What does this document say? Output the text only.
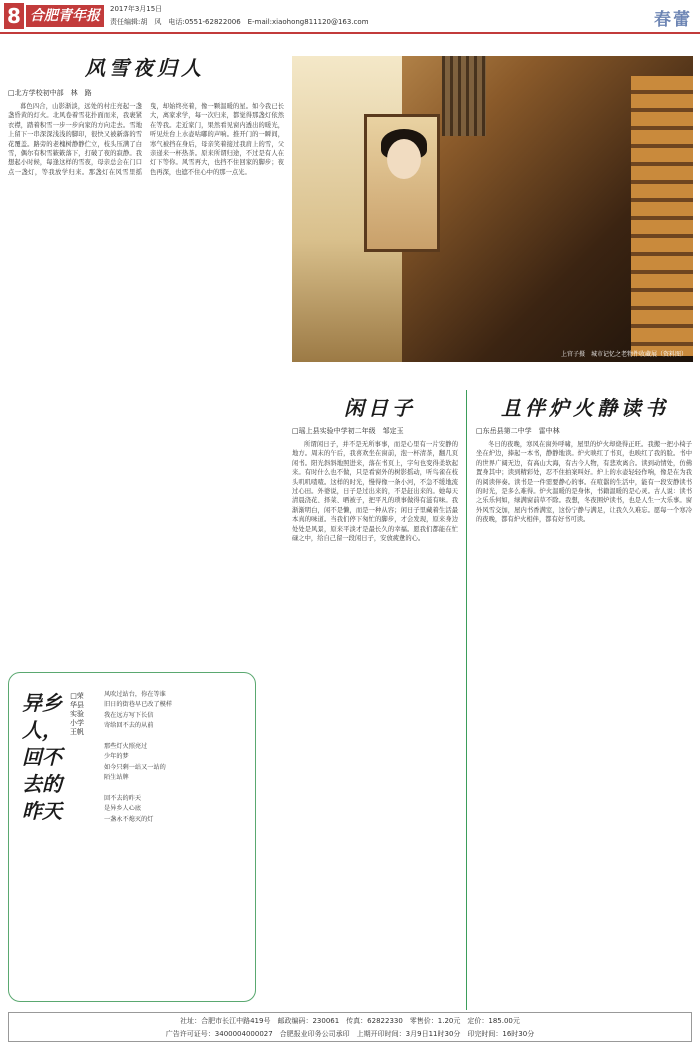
8 合肥青年报	2017年3月15日
责任编辑:胡　风　电话:0551-62822006　E-mail:xiaohong811120@163.com	春蕾
风雪夜归人
□北方学校初中部　林　路
暮色四合，山影渐淡，远处的村庄亮起一盏盏昏黄的灯火。北风卷着雪花扑面而来，我裹紧衣襟，踏着积雪一步一步向家的方向走去。雪地上留下一串深深浅浅的脚印，很快又被新落的雪花覆盖。路旁的老槐树静静伫立，枝头压满了白雪，偶尔有积雪簌簌落下，打破了夜的寂静。我想起小时候，每逢这样的雪夜，母亲总会在门口点一盏灯，等我放学归来。那盏灯在风雪里摇曳，却始终亮着，像一颗温暖的星。如今我已长大，离家求学，每一次归来，都觉得那盏灯依然在等我。走近家门，果然看见窗内透出的暖光，听见灶台上水壶咕嘟的声响。推开门的一瞬间，寒气被挡在身后，母亲笑着接过我肩上的雪，父亲递来一杯热茶。原来所谓归途，不过是有人在灯下等你。风雪再大，也挡不住回家的脚步；夜色再深，也遮不住心中的那一点光。
上官子摄　城市记忆之老物件收藏展（资料图）
闲日子
□瑶上县实验中学初二年级　邹定玉
所谓闲日子，并不是无所事事，而是心里有一片安静的地方。周末的午后，我喜欢坐在窗前，泡一杯清茶，翻几页闲书。阳光斜斜地照进来，落在书页上，字句也变得柔软起来。有时什么也不做，只是看窗外的树影摇动，听鸟雀在枝头叽叽喳喳。这样的时光，慢得像一条小河，不急不缓地流过心田。外婆说，日子是过出来的，不是赶出来的。她每天清晨浇花、择菜、晒被子，把平凡的琐事做得有滋有味。我渐渐明白，闲不是懒，而是一种从容；闲日子里藏着生活最本真的味道。当我们停下匆忙的脚步，才会发现，原来身边处处是风景，原来平淡才是最长久的幸福。愿我们都能在忙碌之中，给自己留一段闲日子，安放疲惫的心。
且伴炉火静读书
□东岳县第二中学　雷中林
冬日的夜晚，寒风在窗外呼啸，屋里的炉火却烧得正旺。我搬一把小椅子坐在炉边，捧起一本书，静静地读。炉火映红了书页，也映红了我的脸。书中的世界广阔无边，有高山大海，有古今人物，有悲欢离合。读到动情处，仿佛置身其中；读到精彩处，忍不住拍案叫好。炉上的水壶轻轻作响，像是在为我的阅读伴奏。读书是一件需要静心的事。在喧嚣的生活中，能有一段安静读书的时光，是多么难得。炉火温暖的是身体，书籍温暖的是心灵。古人说：读书之乐乐何如，绿满窗前草不除。我想，冬夜围炉读书，也是人生一大乐事。窗外风雪交加，屋内书香满室，这份宁静与满足，让我久久难忘。愿每一个寒冷的夜晚，都有炉火相伴，都有好书可读。
异乡人，回不去的昨天
□荣华县实验小学　王帆
风吹过站台，你在等谁
旧日的街巷早已改了模样
我在远方写下长信
寄给回不去的从前

那些灯火照亮过
少年的梦
如今只剩一站又一站的
陌生站牌

回不去的昨天
是异乡人心底
一盏永不熄灭的灯
社址：合肥市长江中路419号　邮政编码：230061　传真：62822330　零售价：1.20元　定价：185.00元
广告许可证号：3400004000027　合肥报业印务公司承印　上期开印时间：3月9日11时30分　印完时间：16时30分
